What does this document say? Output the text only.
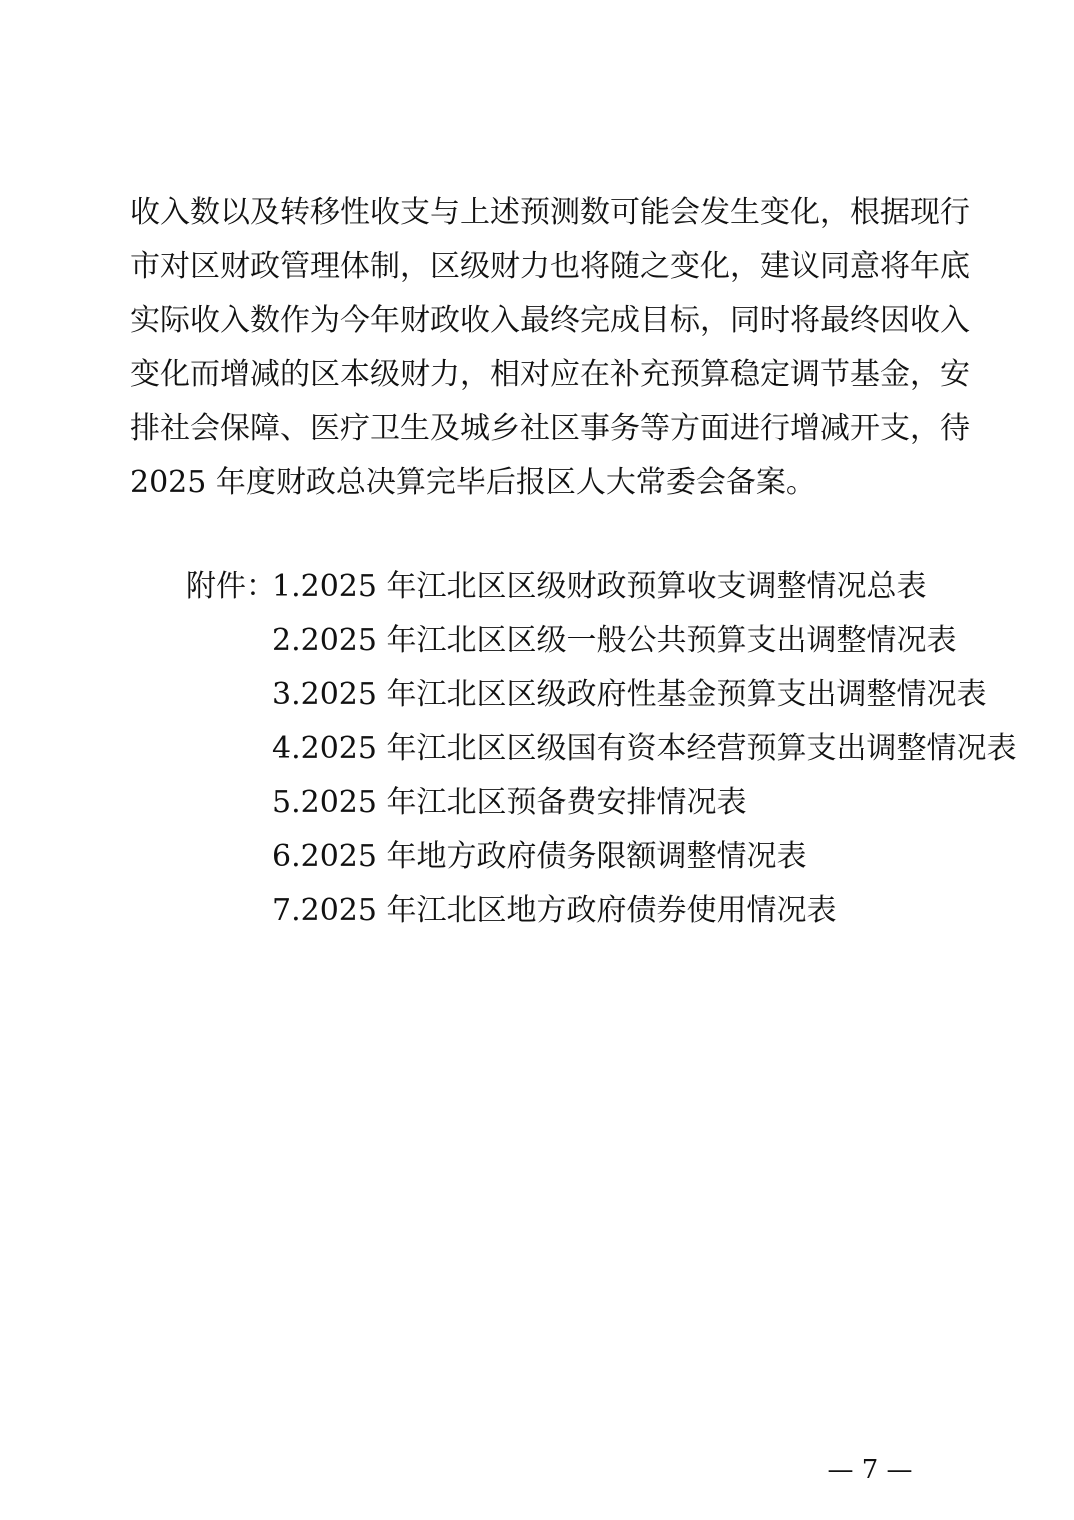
收入数以及转移性收支与上述预测数可能会发生变化，根据现行
市对区财政管理体制，区级财力也将随之变化，建议同意将年底
实际收入数作为今年财政收入最终完成目标，同时将最终因收入
变化而增减的区本级财力，相对应在补充预算稳定调节基金，安
排社会保障、医疗卫生及城乡社区事务等方面进行增减开支，待
2025 年度财政总决算完毕后报区人大常委会备案。
附件：
1.2025 年江北区区级财政预算收支调整情况总表
2.2025 年江北区区级一般公共预算支出调整情况表
3.2025 年江北区区级政府性基金预算支出调整情况表
4.2025 年江北区区级国有资本经营预算支出调整情况表
5.2025 年江北区预备费安排情况表
6.2025 年地方政府债务限额调整情况表
7.2025 年江北区地方政府债券使用情况表
— 7 —
